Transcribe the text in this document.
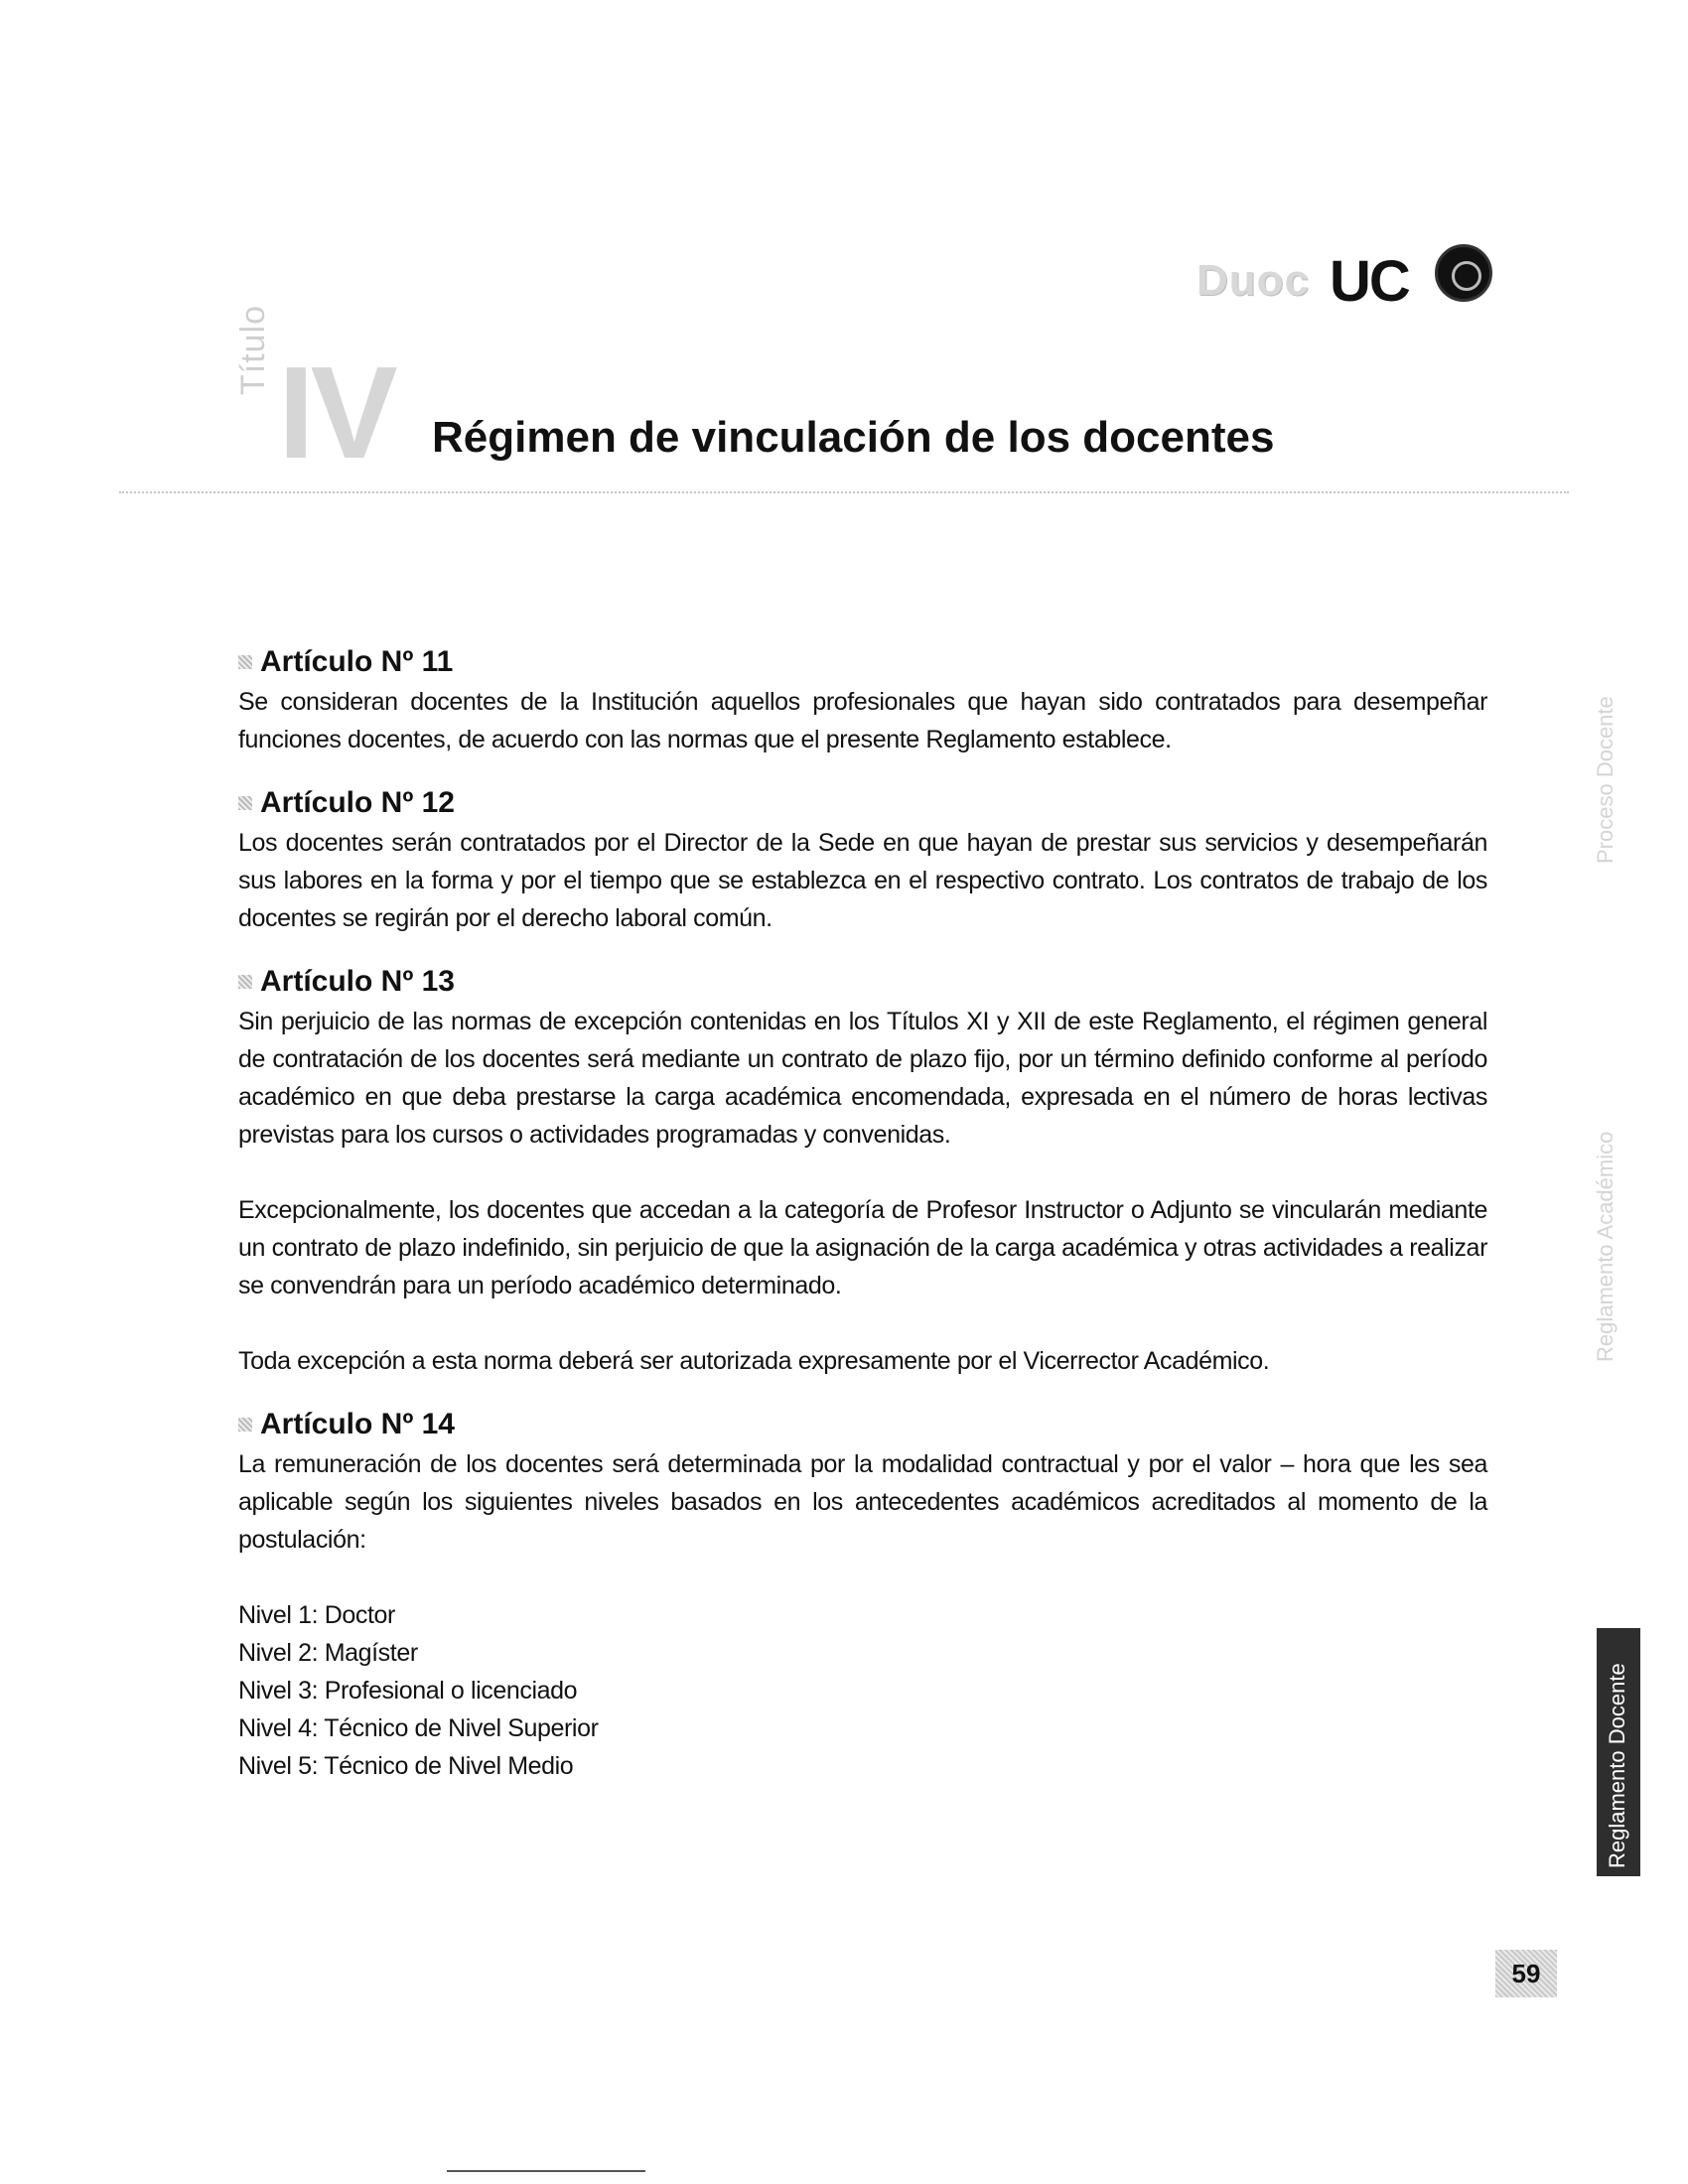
Duoc UC
Título IV Régimen de vinculación de los docentes
Artículo Nº 11

Se consideran docentes de la Institución aquellos profesionales que hayan sido contratados para desempeñar funciones docentes, de acuerdo con las normas que el presente Reglamento establece.

Artículo Nº 12

Los docentes serán contratados por el Director de la Sede en que hayan de prestar sus servicios y desempeñarán sus labores en la forma y por el tiempo que se establezca en el respectivo contrato. Los contratos de trabajo de los docentes se regirán por el derecho laboral común.

Artículo Nº 13

Sin perjuicio de las normas de excepción contenidas en los Títulos XI y XII de este Reglamento, el régimen general de contratación de los docentes será mediante un contrato de plazo fijo, por un término definido conforme al período académico en que deba prestarse la carga académica encomendada, expresada en el número de horas lectivas previstas para los cursos o actividades programadas y convenidas.

Excepcionalmente, los docentes que accedan a la categoría de Profesor Instructor o Adjunto se vincularán mediante un contrato de plazo indefinido, sin perjuicio de que la asignación de la carga académica y otras actividades a realizar se convendrán para un período académico determinado.

Toda excepción a esta norma deberá ser autorizada expresamente por el Vicerrector Académico.

Artículo Nº 14

La remuneración de los docentes será determinada por la modalidad contractual y por el valor – hora que les sea aplicable según los siguientes niveles basados en los antecedentes académicos acreditados al momento de la postulación:

Nivel 1: Doctor
Nivel 2: Magíster
Nivel 3: Profesional o licenciado
Nivel 4: Técnico de Nivel Superior
Nivel 5: Técnico de Nivel Medio
Proceso Docente
Reglamento Académico
Reglamento Docente
59
